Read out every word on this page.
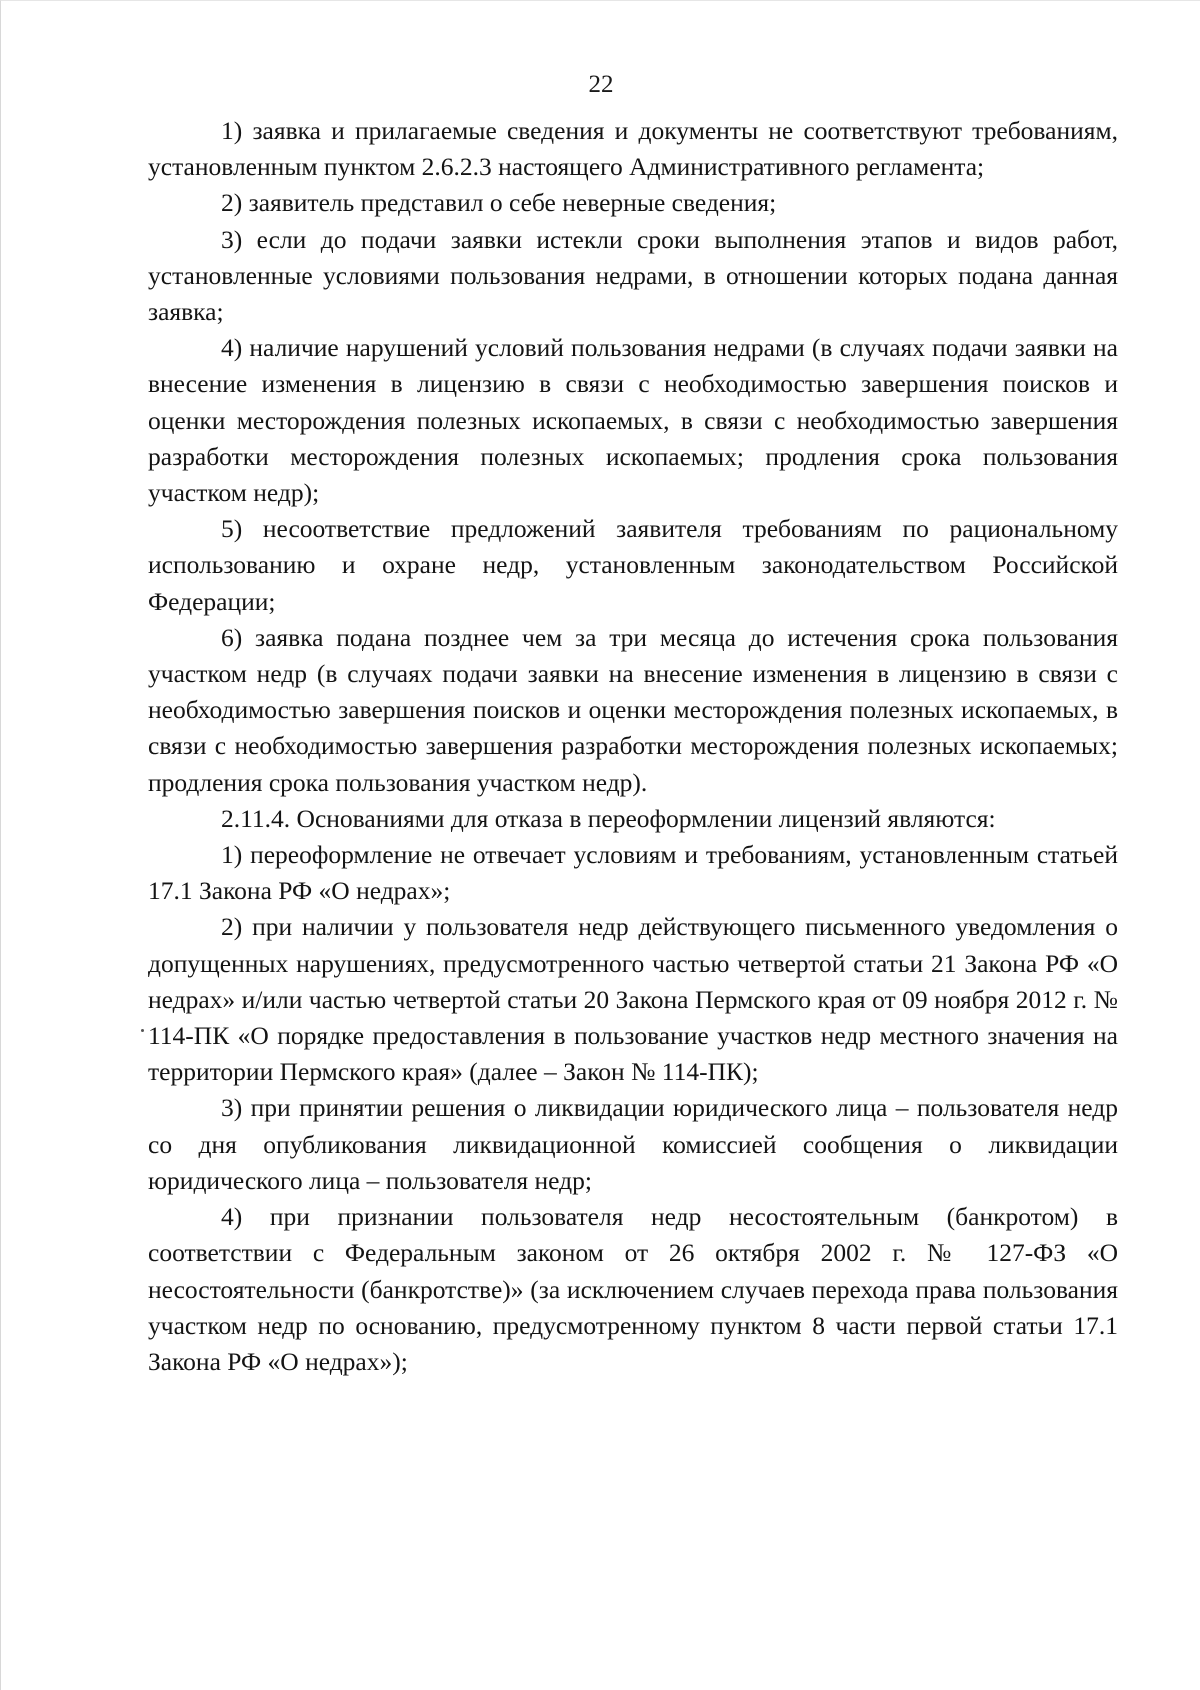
22

1) заявка и прилагаемые сведения и документы не соответствуют требованиям, установленным пунктом 2.6.2.3 настоящего Административного регламента;

2) заявитель представил о себе неверные сведения;

3) если до подачи заявки истекли сроки выполнения этапов и видов работ, установленные условиями пользования недрами, в отношении которых подана данная заявка;

4) наличие нарушений условий пользования недрами (в случаях подачи заявки на внесение изменения в лицензию в связи с необходимостью завершения поисков и оценки месторождения полезных ископаемых, в связи с необходимостью завершения разработки месторождения полезных ископаемых; продления срока пользования участком недр);

5) несоответствие предложений заявителя требованиям по рациональному использованию и охране недр, установленным законодательством Российской Федерации;

6) заявка подана позднее чем за три месяца до истечения срока пользования участком недр (в случаях подачи заявки на внесение изменения в лицензию в связи с необходимостью завершения поисков и оценки месторождения полезных ископаемых, в связи с необходимостью завершения разработки месторождения полезных ископаемых; продления срока пользования участком недр).

2.11.4. Основаниями для отказа в переоформлении лицензий являются:

1) переоформление не отвечает условиям и требованиям, установленным статьей 17.1 Закона РФ «О недрах»;

2) при наличии у пользователя недр действующего письменного уведомления о допущенных нарушениях, предусмотренного частью четвертой статьи 21 Закона РФ «О недрах» и/или частью четвертой статьи 20 Закона Пермского края от 09 ноября 2012 г. № 114-ПК «О порядке предоставления в пользование участков недр местного значения на территории Пермского края» (далее – Закон № 114-ПК);

3) при принятии решения о ликвидации юридического лица – пользователя недр со дня опубликования ликвидационной комиссией сообщения о ликвидации юридического лица – пользователя недр;

4) при признании пользователя недр несостоятельным (банкротом) в соответствии с Федеральным законом от 26 октября 2002 г. № 127-ФЗ «О несостоятельности (банкротстве)» (за исключением случаев перехода права пользования участком недр по основанию, предусмотренному пунктом 8 части первой статьи 17.1 Закона РФ «О недрах»);
